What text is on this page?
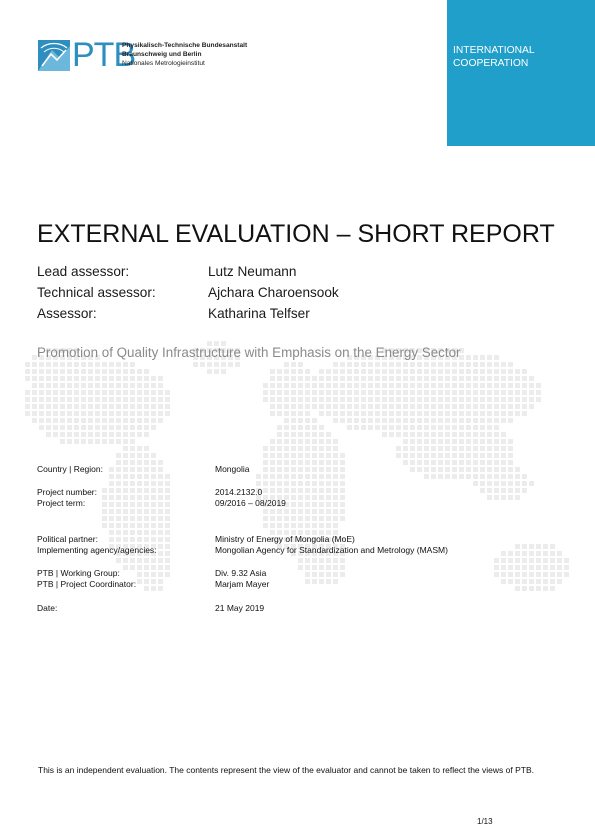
PTB
Physikalisch-Technische Bundesanstalt
Braunschweig und Berlin
Nationales Metrologieinstitut
INTERNATIONAL
COOPERATION
EXTERNAL EVALUATION – SHORT REPORT
Lead assessor:	Lutz Neumann
Technical assessor:	Ajchara Charoensook
Assessor:	Katharina Telfser
Promotion of Quality Infrastructure with Emphasis on the Energy Sector
Country | Region:	Mongolia
Project number:	2014.2132.0
Project term:	09/2016 – 08/2019
Political partner:	Ministry of Energy of Mongolia (MoE)
Implementing agency/agencies:	Mongolian Agency for Standardization and Metrology (MASM)
PTB | Working Group:	Div. 9.32 Asia
PTB | Project Coordinator:	Marjam Mayer
Date:	21 May 2019
This is an independent evaluation. The contents represent the view of the evaluator and cannot be taken to reflect the views of PTB.
1/13
